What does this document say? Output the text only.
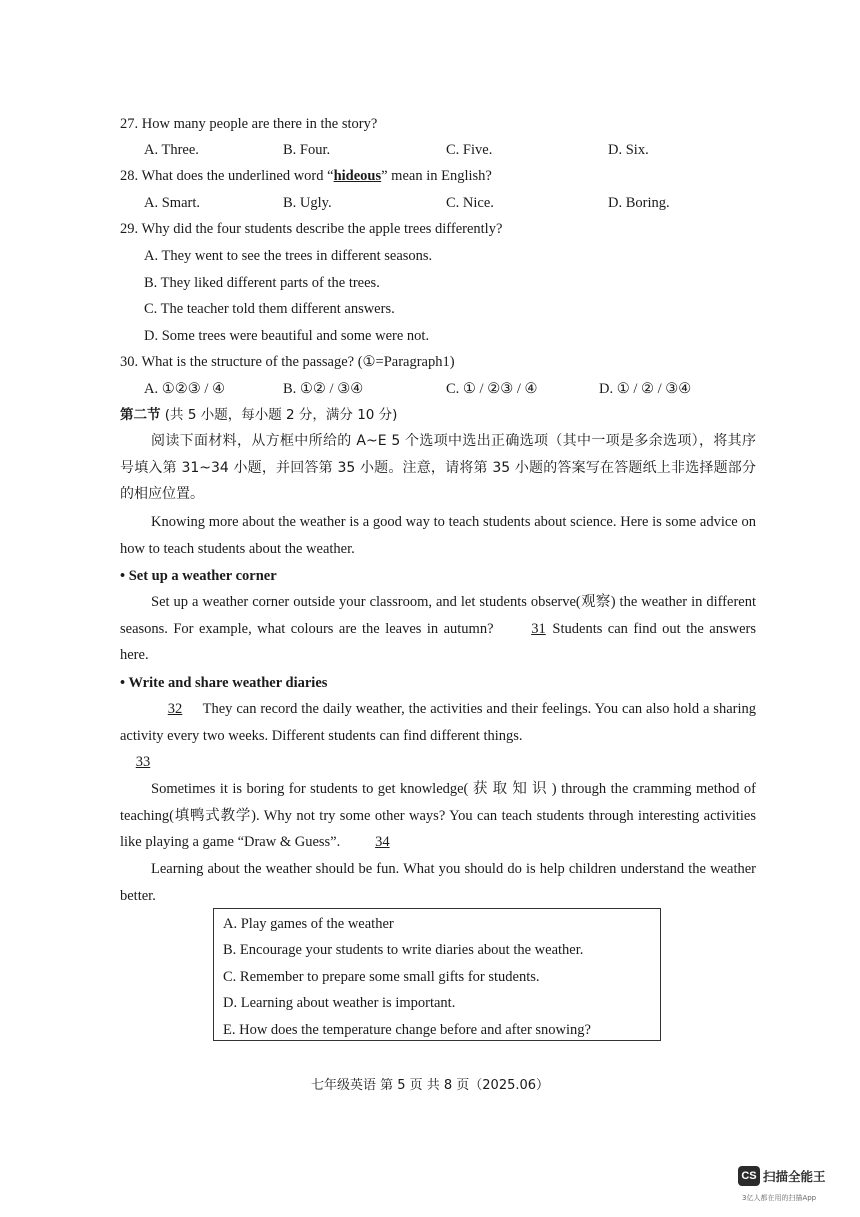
27. How many people are there in the story?
A. Three.	B. Four.	C. Five.	D. Six.
28. What does the underlined word “hideous” mean in English?
A. Smart.	B. Ugly.	C. Nice.	D. Boring.
29. Why did the four students describe the apple trees differently?
A. They went to see the trees in different seasons.
B. They liked different parts of the trees.
C. The teacher told them different answers.
D. Some trees were beautiful and some were not.
30. What is the structure of the passage? (①=Paragraph1)
A. ①②③ / ④	B. ①② / ③④	C. ① / ②③ / ④	D. ① / ② / ③④
第二节 (共 5 小题，每小题 2 分，满分 10 分)
阅读下面材料，从方框中所给的 A~E 5 个选项中选出正确选项（其中一项是多余选项），将其序号填入第 31~34 小题，并回答第 35 小题。注意，请将第 35 小题的答案写在答题纸上非选择题部分的相应位置。
Knowing more about the weather is a good way to teach students about science. Here is some advice on how to teach students about the weather.
• Set up a weather corner
Set up a weather corner outside your classroom, and let students observe(观察) the weather in different seasons. For example, what colours are the leaves in autumn? 31 Students can find out the answers here.
• Write and share weather diaries
32 They can record the daily weather, the activities and their feelings. You can also hold a sharing activity every two weeks. Different students can find different things.
33
Sometimes it is boring for students to get knowledge( 获 取 知 识 ) through the cramming method of teaching(填鸭式教学). Why not try some other ways? You can teach students through interesting activities like playing a game “Draw & Guess”. 34
Learning about the weather should be fun. What you should do is help children understand the weather better.
A. Play games of the weather
B. Encourage your students to write diaries about the weather.
C. Remember to prepare some small gifts for students.
D. Learning about weather is important.
E. How does the temperature change before and after snowing?
七年级英语 第 5 页 共 8 页（2025.06）
CS 扫描全能王
3亿人都在用的扫描App
